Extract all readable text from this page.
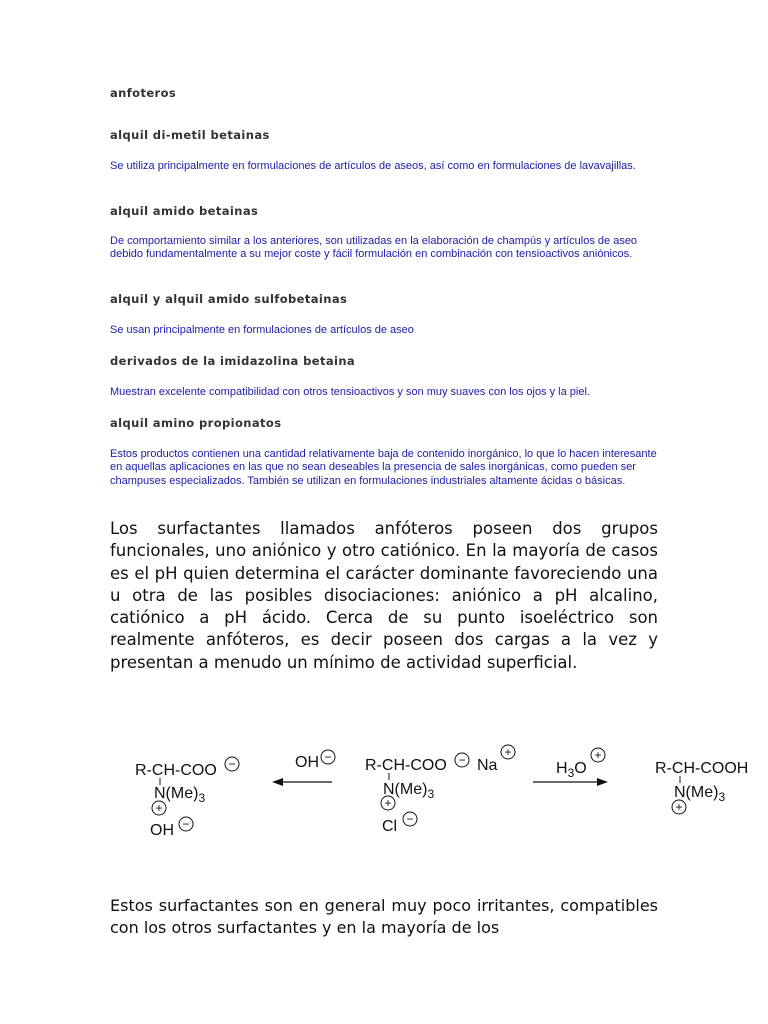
anfoteros

alquil di-metil betainas

Se utiliza principalmente en formulaciones de artículos de aseos, así como en formulaciones de lavavajillas.

alquil amido betainas

De comportamiento similar a los anteriores, son utilizadas en la elaboración de champús y artículos de aseo debido fundamentalmente a su mejor coste y fácil formulación en combinación con tensioactivos aniónicos.

alquil y alquil amido sulfobetainas

Se usan principalmente en formulaciones de artículos de aseo

derivados de la imidazolina betaina

Muestran excelente compatibilidad con otros tensioactivos y son muy suaves con los ojos y la piel.

alquil amino propionatos

Estos productos contienen una cantidad relativamente baja de contenido inorgánico, lo que lo hacen interesante en aquellas aplicaciones en las que no sean deseables la presencia de sales inorgánicas, como pueden ser champuses especializados. También se utilizan en formulaciones industriales altamente ácidas o básicas.

Los surfactantes llamados anfóteros poseen dos grupos funcionales, uno aniónico y otro catiónico. En la mayoría de casos es el pH quien determina el carácter dominante favoreciendo una u otra de las posibles disociaciones: aniónico a pH alcalino, catiónico a pH ácido. Cerca de su punto isoeléctrico son realmente anfóteros, es decir poseen dos cargas a la vez y presentan a menudo un mínimo de actividad superficial.

R-CH-COO −
$N(Me)_3$
+
OH −
OH − R-CH-COO − Na
+
$N(Me)_3$
+
Cl −
$H_3O$
+
R-CH-COOH
$N(Me)_3$
+

Estos surfactantes son en general muy poco irritantes, compatibles con los otros surfactantes y en la mayoría de los
